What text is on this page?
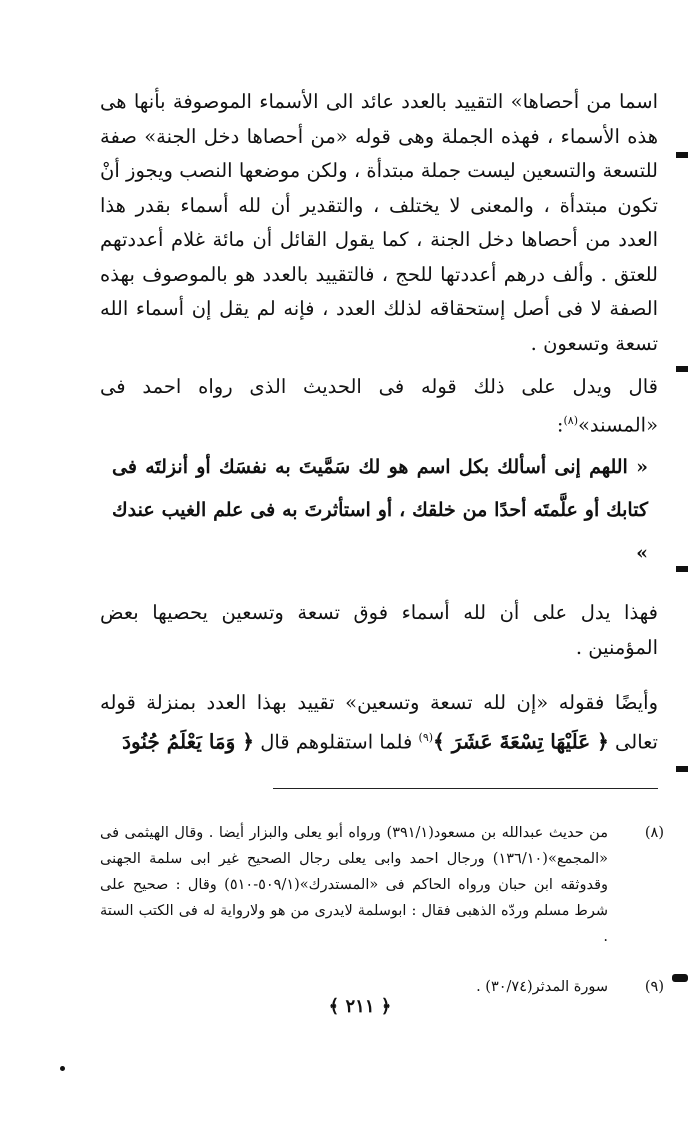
اسما من أحصاها» التقييد بالعدد عائد الى الأسماء الموصوفة بأنها هى هذه الأسماء ، فهذه الجملة وهى قوله «من أحصاها دخل الجنة» صفة للتسعة والتسعين ليست جملة مبتدأة ، ولكن موضعها النصب ويجوز أنْ تكون مبتدأة ، والمعنى لا يختلف ، والتقدير أن لله أسماء بقدر هذا العدد من أحصاها دخل الجنة ، كما يقول القائل أن مائة غلام أعددتهم للعتق . وألف درهم أعددتها للحج ، فالتقييد بالعدد هو بالموصوف بهذه الصفة لا فى أصل إستحقاقه لذلك العدد ، فإنه لم يقل إن أسماء الله تسعة وتسعون .
قال ويدل على ذلك قوله فى الحديث الذى رواه احمد فى «المسند»$^{(٨)}$:
« اللهم إنى أسألك بكل اسم هو لك سَمَّيتَ به نفسَك أو أنزلتَه فى كتابك أو علَّمتَه أحدًا من خلقك ، أو استأثرتَ به فى علم الغيب عندك »
فهذا يدل على أن لله أسماء فوق تسعة وتسعين يحصيها بعض المؤمنين .
وأيضًا فقوله «إن لله تسعة وتسعين» تقييد بهذا العدد بمنزلة قوله تعالى ﴿ عَلَيْهَا تِسْعَةَ عَشَرَ ﴾$^{(٩)}$ فلما استقلوهم قال ﴿ وَمَا يَعْلَمُ جُنُودَ
(٨)
من حديث عبدالله بن مسعود(٣٩١/١) ورواه أبو يعلى والبزار أيضا . وقال الهيثمى فى «المجمع»(١٣٦/١٠) ورجال احمد وابى يعلى رجال الصحيح غير ابى سلمة الجهنى وقدوثقه ابن حبان ورواه الحاكم فى «المستدرك»(٥٠٩/١-٥١٠) وقال : صحيح على شرط مسلم وردّه الذهبى فقال : ابوسلمة لايدرى من هو ولارواية له فى الكتب الستة .
(٩)
سورة المدثر(٣٠/٧٤) .
﴿ ٢١١ ﴾
